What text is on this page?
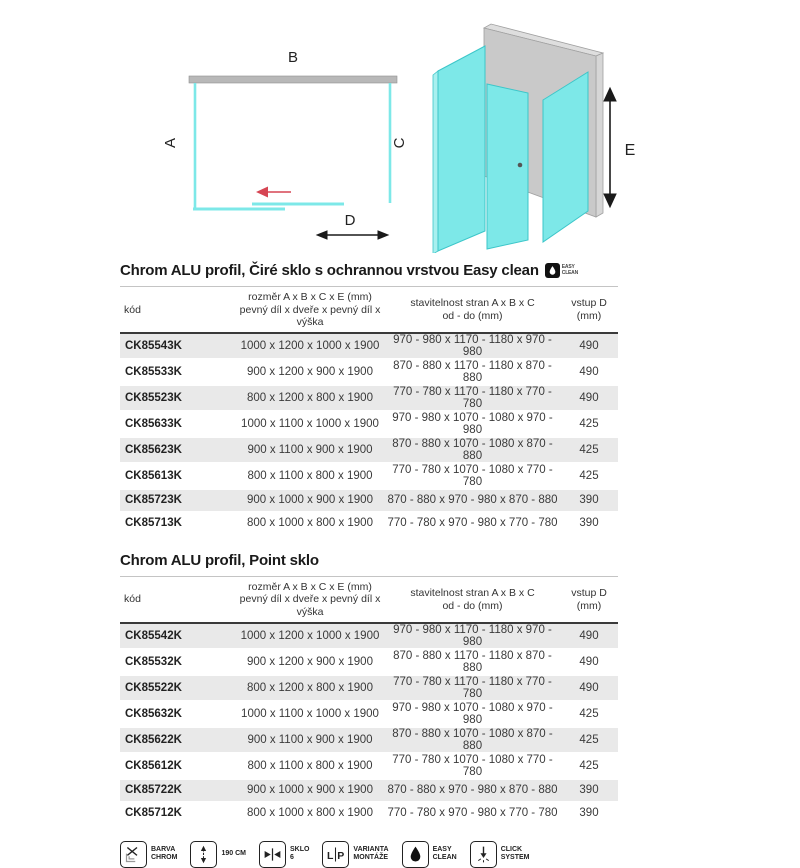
B
A	C
D
E
Chrom ALU profil, Čiré sklo s ochrannou vrstvou Easy clean	EASY
CLEAN
kód	
rozměr A x B x C x E (mm)
pevný díl x dveře x pevný díl x výška

stavitelnost stran A x B x C
od - do (mm)
	vstup D (mm)
CK85543K	1000 x 1200 x 1000 x 1900	970 - 980 x 1170 - 1180 x 970 - 980	490
CK85533K	900 x 1200 x 900 x 1900	870 - 880 x 1170 - 1180 x 870 - 880	490
CK85523K	800 x 1200 x 800 x 1900	770 - 780 x 1170 - 1180 x 770 - 780	490
CK85633K	1000 x 1100 x 1000 x 1900	970 - 980 x 1070 - 1080 x 970 - 980	425
CK85623K	900 x 1100 x 900 x 1900	870 - 880 x 1070 - 1080 x 870 - 880	425
CK85613K	800 x 1100 x 800 x 1900	770 - 780 x 1070 - 1080 x 770 - 780	425
CK85723K	900 x 1000 x 900 x 1900	870 - 880 x 970 - 980 x 870 - 880	390
CK85713K	800 x 1000 x 800 x 1900	770 - 780 x 970 - 980 x 770 - 780	390
Chrom ALU profil, Point sklo
kód	
rozměr A x B x C x E (mm)
pevný díl x dveře x pevný díl x výška

stavitelnost stran A x B x C
od - do (mm)
	vstup D (mm)
CK85542K	1000 x 1200 x 1000 x 1900	970 - 980 x 1170 - 1180 x 970 - 980	490
CK85532K	900 x 1200 x 900 x 1900	870 - 880 x 1170 - 1180 x 870 - 880	490
CK85522K	800 x 1200 x 800 x 1900	770 - 780 x 1170 - 1180 x 770 - 780	490
CK85632K	1000 x 1100 x 1000 x 1900	970 - 980 x 1070 - 1080 x 970 - 980	425
CK85622K	900 x 1100 x 900 x 1900	870 - 880 x 1070 - 1080 x 870 - 880	425
CK85612K	800 x 1100 x 800 x 1900	770 - 780 x 1070 - 1080 x 770 - 780	425
CK85722K	900 x 1000 x 900 x 1900	870 - 880 x 970 - 980 x 870 - 880	390
CK85712K	800 x 1000 x 800 x 1900	770 - 780 x 970 - 980 x 770 - 780	390
BARVA
CHROM
190 CM
SKLO
6	L P VARIANTA
MONTÁŽE
EASY
CLEAN
CLICK
SYSTEM
